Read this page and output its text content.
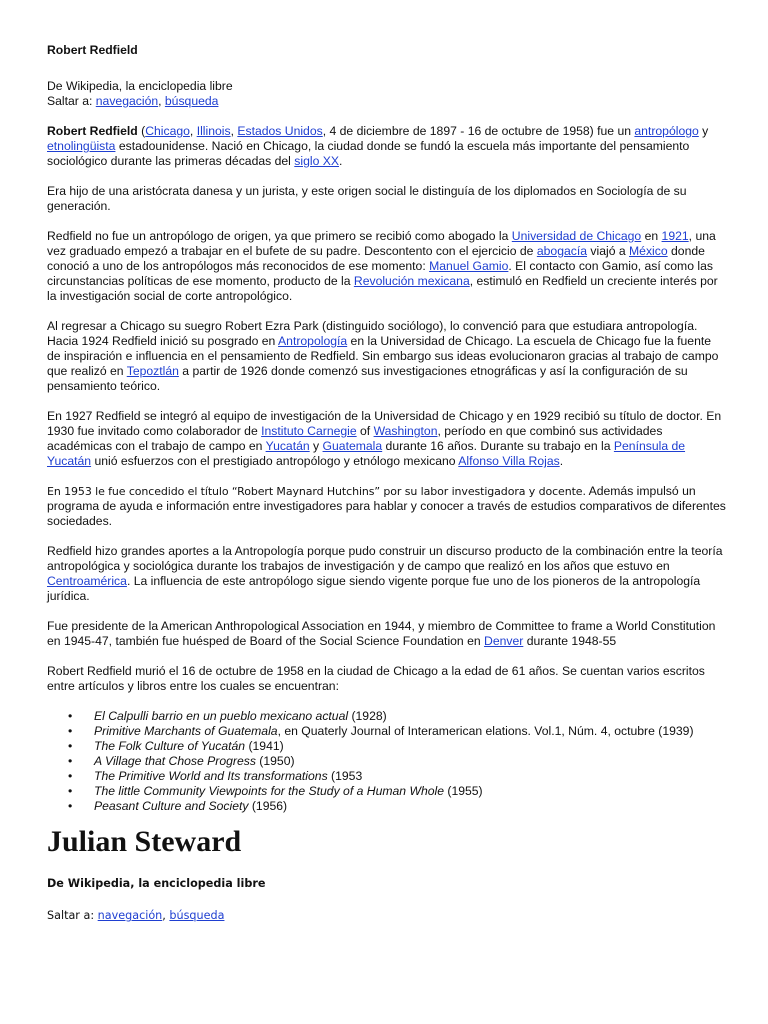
Robert Redfield
De Wikipedia, la enciclopedia libre

Saltar a: navegación, búsqueda

Robert Redfield (Chicago, Illinois, Estados Unidos, 4 de diciembre de 1897 - 16 de octubre de 1958) fue un antropólogo y etnolingüista estadounidense. Nació en Chicago, la ciudad donde se fundó la escuela más importante del pensamiento sociológico durante las primeras décadas del siglo XX.

Era hijo de una aristócrata danesa y un jurista, y este origen social le distinguía de los diplomados en Sociología de su generación.

Redfield no fue un antropólogo de origen, ya que primero se recibió como abogado la Universidad de Chicago en 1921, una vez graduado empezó a trabajar en el bufete de su padre. Descontento con el ejercicio de abogacía viajó a México donde conoció a uno de los antropólogos más reconocidos de ese momento: Manuel Gamio. El contacto con Gamio, así como las circunstancias políticas de ese momento, producto de la Revolución mexicana, estimuló en Redfield un creciente interés por la investigación social de corte antropológico.

Al regresar a Chicago su suegro Robert Ezra Park (distinguido sociólogo), lo convenció para que estudiara antropología. Hacia 1924 Redfield inició su posgrado en Antropología en la Universidad de Chicago. La escuela de Chicago fue la fuente de inspiración e influencia en el pensamiento de Redfield. Sin embargo sus ideas evolucionaron gracias al trabajo de campo que realizó en Tepoztlán a partir de 1926 donde comenzó sus investigaciones etnográficas y así la configuración de su pensamiento teórico.

En 1927 Redfield se integró al equipo de investigación de la Universidad de Chicago y en 1929 recibió su título de doctor. En 1930 fue invitado como colaborador de Instituto Carnegie of Washington, período en que combinó sus actividades académicas con el trabajo de campo en Yucatán y Guatemala durante 16 años. Durante su trabajo en la Península de Yucatán unió esfuerzos con el prestigiado antropólogo y etnólogo mexicano Alfonso Villa Rojas.

En 1953 le fue concedido el título “Robert Maynard Hutchins” por su labor investigadora y docente. Además impulsó un programa de ayuda e información entre investigadores para hablar y conocer a través de estudios comparativos de diferentes sociedades.

Redfield hizo grandes aportes a la Antropología porque pudo construir un discurso producto de la combinación entre la teoría antropológica y sociológica durante los trabajos de investigación y de campo que realizó en los años que estuvo en Centroamérica. La influencia de este antropólogo sigue siendo vigente porque fue uno de los pioneros de la antropología jurídica.

Fue presidente de la American Anthropological Association en 1944, y miembro de Committee to frame a World Constitution en 1945-47, también fue huésped de Board of the Social Science Foundation en Denver durante 1948-55

Robert Redfield murió el 16 de octubre de 1958 en la ciudad de Chicago a la edad de 61 años. Se cuentan varios escritos entre artículos y libros entre los cuales se encuentran:

• El Calpulli barrio en un pueblo mexicano actual (1928)
• Primitive Marchants of Guatemala, en Quaterly Journal of Interamerican elations. Vol.1, Núm. 4, octubre (1939)
• The Folk Culture of Yucatán (1941)
• A Village that Chose Progress (1950)
• The Primitive World and Its transformations (1953
• The little Community Viewpoints for the Study of a Human Whole (1955)
• Peasant Culture and Society (1956)
Julian Steward
De Wikipedia, la enciclopedia libre
Saltar a: navegación, búsqueda
